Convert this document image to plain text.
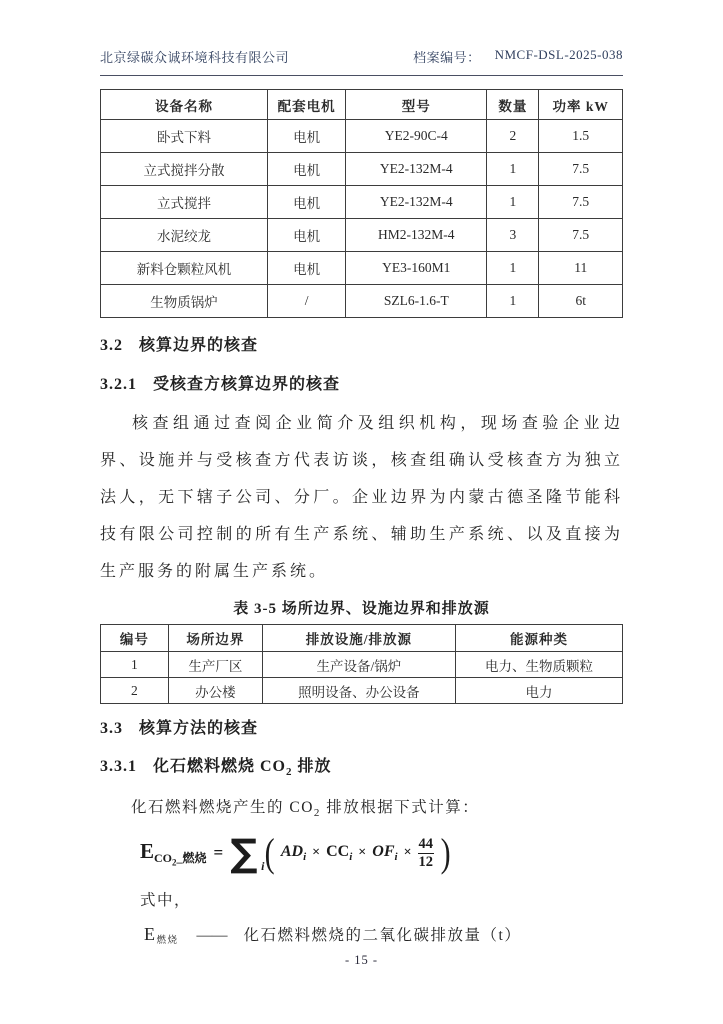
北京绿碳众诚环境科技有限公司	档案编号： NMCF-DSL-2025-038
设备名称	配套电机	型号	数量	功率 kW
卧式下料	电机	YE2-90C-4	2	1.5
立式搅拌分散	电机	YE2-132M-4	1	7.5
立式搅拌	电机	YE2-132M-4	1	7.5
水泥绞龙	电机	HM2-132M-4	3	7.5
新料仓颗粒风机	电机	YE3-160M1	1	11
生物质锅炉	/	SZL6-1.6-T	1	6t
3.2 核算边界的核查
3.2.1 受核查方核算边界的核查

核查组通过查阅企业简介及组织机构，现场查验企业边界、设施并与受核查方代表访谈，核查组确认受核查方为独立法人，无下辖子公司、分厂。企业边界为内蒙古德圣隆节能科技有限公司控制的所有生产系统、辅助生产系统、以及直接为生产服务的附属生产系统。

表 3-5 场所边界、设施边界和排放源
编号	场所边界	排放设施/排放源	能源种类
1	生产厂区	生产设备/锅炉	电力、生物质颗粒
2	办公楼	照明设备、办公设备	电力
3.3 核算方法的核查
3.3.1 化石燃料燃烧 $CO_2$ 排放

化石燃料燃烧产生的 $CO_2$ 排放根据下式计算：

$E_{CO_2\_燃烧}$ = ∑ i ( $AD_i \times CC_i \times OF_i \times \frac{44}{12}$ )

式中，

E燃烧 —— 化石燃料燃烧的二氧化碳排放量（t）
- 15 -
